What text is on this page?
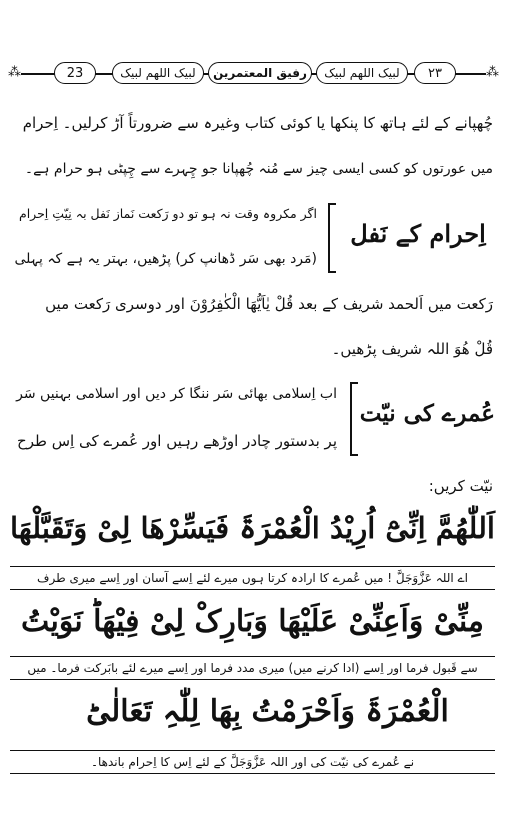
⁂	23	لبیک اللھم لبیک	رفیق المعتمرین	لبیک اللھم لبیک	٢٣	⁂
چُھپانے کے لئے ہاتھ کا پنکھا یا کوئی کتاب وغیرہ سے ضرورتاً آڑ کرلیں۔ اِحرام
میں عورتوں کو کسی ایسی چیز سے مُنہ چُھپانا جو چِہرے سے چِپٹی ہو حرام ہے۔
اِحرام کے نَفل
اگر مکروہ وقت نہ ہو تو دو رَکعت نَماز نَفل بہ نِیّتِ اِحرام
(مَرد بھی سَر ڈھانپ کر) پڑھیں، بہتر یہ ہے کہ پہلی
رَکعت میں اَلحمد شریف کے بعد قُلْ یٰاَیُّھَا الْکٰفِرُوْنَ اور دوسری رَکعت میں
قُلْ ھُوَ اللہ شریف پڑھیں۔
عُمرے کی نیّت
اب اِسلامی بھائی سَر ننگا کر دیں اور اسلامی بہنیں سَر
پر بدستور چادر اوڑھے رہیں اور عُمرے کی اِس طرح
نیّت کریں:
اَللّٰھُمَّ اِنِّیْٓ اُرِیْدُ الْعُمْرَۃَ فَیَسِّرْھَا لِیْ وَتَقَبَّلْھَا
اے اللہ عَزَّوَجَلَّ ! میں عُمرے کا ارادہ کرتا ہوں میرے لئے اِسے آسان اور اِسے میری طرف
مِنِّیْ وَاَعِنِّیْ عَلَیْھَا وَبَارِکْ لِیْ فِیْھَاؕ نَوَیْتُ
سے قَبول فرما اور اِسے (ادا کرنے میں) میری مدد فرما اور اِسے میرے لئے بابَرکت فرما۔ میں
الْعُمْرَۃَ وَاَحْرَمْتُ بِھَا لِلّٰہِ تَعَالٰیؕ
نے عُمرے کی نیّت کی اور اللہ عَزَّوَجَلَّ کے لئے اِس کا اِحرام باندھا۔
